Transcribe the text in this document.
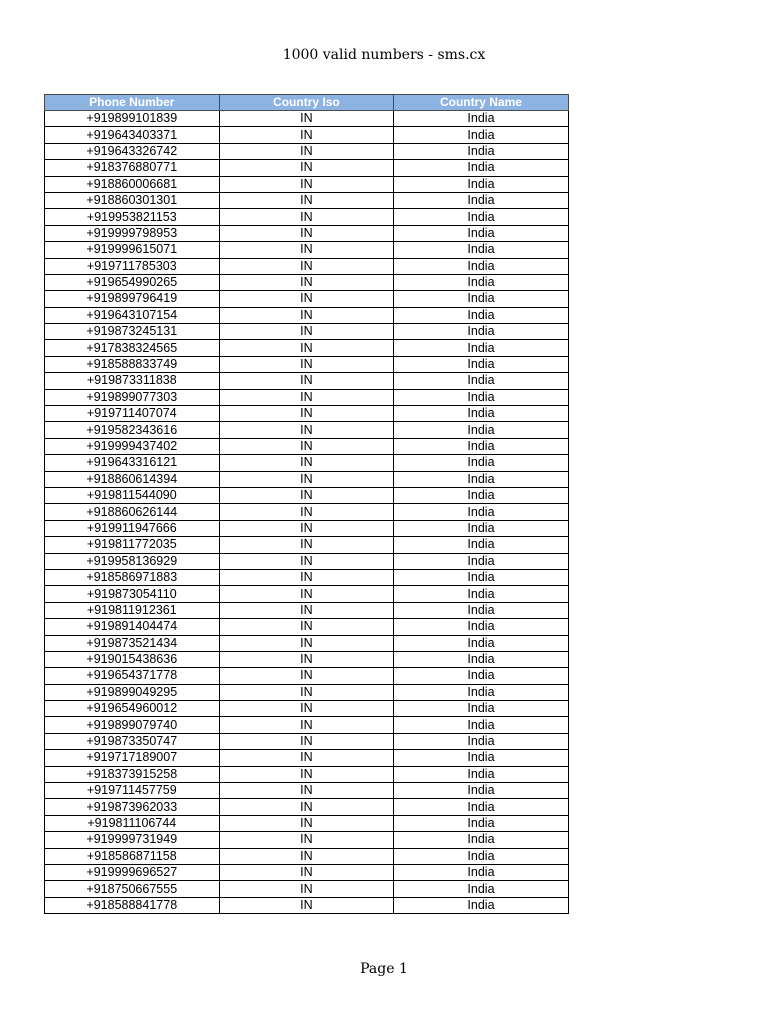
1000 valid numbers - sms.cx
Phone Number	Country Iso	Country Name
+919899101839	IN	India
+919643403371	IN	India
+919643326742	IN	India
+918376880771	IN	India
+918860006681	IN	India
+918860301301	IN	India
+919953821153	IN	India
+919999798953	IN	India
+919999615071	IN	India
+919711785303	IN	India
+919654990265	IN	India
+919899796419	IN	India
+919643107154	IN	India
+919873245131	IN	India
+917838324565	IN	India
+918588833749	IN	India
+919873311838	IN	India
+919899077303	IN	India
+919711407074	IN	India
+919582343616	IN	India
+919999437402	IN	India
+919643316121	IN	India
+918860614394	IN	India
+919811544090	IN	India
+918860626144	IN	India
+919911947666	IN	India
+919811772035	IN	India
+919958136929	IN	India
+918586971883	IN	India
+919873054110	IN	India
+919811912361	IN	India
+919891404474	IN	India
+919873521434	IN	India
+919015438636	IN	India
+919654371778	IN	India
+919899049295	IN	India
+919654960012	IN	India
+919899079740	IN	India
+919873350747	IN	India
+919717189007	IN	India
+918373915258	IN	India
+919711457759	IN	India
+919873962033	IN	India
+919811106744	IN	India
+919999731949	IN	India
+918586871158	IN	India
+919999696527	IN	India
+918750667555	IN	India
+918588841778	IN	India
Page 1
